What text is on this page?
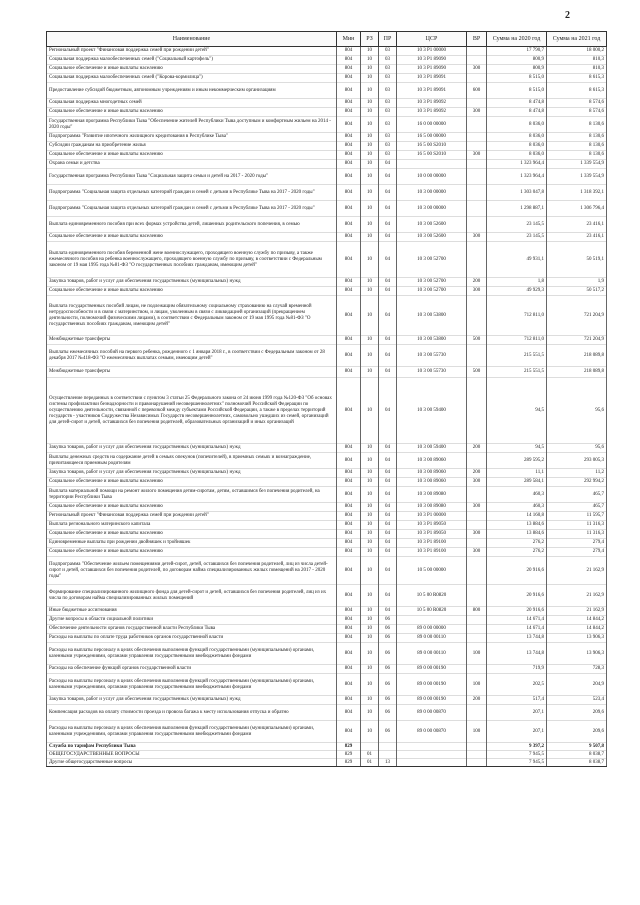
2
Наименование	Мин	РЗ	ПР	ЦСР	ВР	Сумма на 2020 год	Сумма на 2021 год
Региональный проект "Финансовая поддержка семей при рождении детей"	804	10	03	10 3 P1 00000		17 790,7	18 000,2
Социальная поддержка малообеспеченных семей ("Социальный картофель")	804	10	03	10 3 P1 89090		800,9	810,3
Социальное обеспечение и иные выплаты населению	804	10	03	10 3 P1 89090	300	800,9	810,3
Социальная поддержка малообеспеченных семей ("Корова-кормилица")	804	10	03	10 3 P1 89091		8 515,0	8 615,3
Предоставление субсидий бюджетным, автономным учреждениям и иным некоммерческим организациям	804	10	03	10 3 P1 89091	600	8 515,0	8 615,3
Социальная поддержка многодетных семей	804	10	03	10 3 P1 89092		8 474,8	8 574,6
Социальное обеспечение и иные выплаты населению	804	10	03	10 3 P1 89092	300	8 474,8	8 574,6
Государственная программа Республики Тыва "Обеспечение жителей Республики Тыва доступным и комфортным жильем на 2014 - 2020 годы"	804	10	03	16 0 00 00000		8 036,0	8 130,6
Подпрограмма "Развитие ипотечного жилищного кредитования в Республике Тыва"	804	10	03	16 5 00 00000		8 036,0	8 130,6
Субсидии гражданам на приобретение жилья	804	10	03	16 5 00 S2010		8 036,0	8 130,6
Социальное обеспечение и иные выплаты населению	804	10	03	16 5 00 S2010	300	8 036,0	8 130,6
Охрана семьи и детства	804	10	04			1 323 964,4	1 339 554,9
Государственная программа Республики Тыва "Социальная защита семьи и детей на 2017 - 2020 годы"	804	10	04	10 0 00 00000		1 323 964,4	1 339 554,9
Подпрограмма "Социальная защита отдельных категорий граждан и семей с детьми в Республике Тыва на 2017 - 2020 годы"	804	10	04	10 3 00 00000		1 303 047,8	1 318 392,1
Подпрограмма "Социальная защита отдельных категорий граждан и семей с детьми в Республике Тыва на 2017 - 2020 годы"	804	10	04	10 3 00 00000		1 298 887,1	1 306 796,4
Выплата единовременного пособия при всех формах устройства детей, лишенных родительского попечения, в семью	804	10	04	10 3 00 52600		23 145,5	23 416,1
Социальное обеспечение и иные выплаты населению	804	10	04	10 3 00 52600	300	23 145,5	23 416,1
Выплата единовременного пособия беременной жене военнослужащего, проходящего военную службу по призыву, а также ежемесячного пособия на ребенка военнослужащего, проходящего военную службу по призыву, в соответствии с Федеральным законом от 19 мая 1995 года №81-ФЗ "О государственных пособиях гражданам, имеющим детей"	804	10	04	10 3 00 52700		49 931,1	50 519,1
Закупка товаров, работ и услуг для обеспечения государственных (муниципальных) нужд	804	10	04	10 3 00 52700	200	1,8	1,9
Социальное обеспечение и иные выплаты населению	804	10	04	10 3 00 52700	300	49 929,3	50 517,2
Выплата государственных пособий лицам, не подлежащим обязательному социальному страхованию на случай временной нетрудоспособности и в связи с материнством, и лицам, уволенным в связи с ликвидацией организаций (прекращением деятельности, полномочий физическими лицами), в соответствии с Федеральным законом от 19 мая 1995 года №81-ФЗ "О государственных пособиях гражданам, имеющим детей"	804	10	04	10 3 00 53800		712 811,0	721 204,9
Межбюджетные трансферты	804	10	04	10 3 00 53800	500	712 811,0	721 204,9
Выплаты ежемесячных пособий на первого ребенка, рожденного с 1 января 2018 г., в соответствии с Федеральным законом от 28 декабря 2017 №418-ФЗ "О ежемесячных выплатах семьям, имеющим детей"	804	10	04	10 3 00 55730		215 551,5	218 089,8
Межбюджетные трансферты	804	10	04	10 3 00 55730	500	215 551,5	218 089,8
Осуществление переданных в соответствии с пунктом 3 статьи 25 Федерального закона от 24 июня 1999 года №120-ФЗ "Об основах системы профилактики безнадзорности и правонарушений несовершеннолетних" полномочий Российской Федерации по осуществлению деятельности, связанной с перевозкой между субъектами Российской Федерации, а также в пределах территорий государств - участников Содружества Независимых Государств несовершеннолетних, самовольно ушедших из семей, организаций для детей-сирот и детей, оставшихся без попечения родителей, образовательных организаций и иных организаций	804	10	04	10 3 00 59400		94,5	95,6
Закупка товаров, работ и услуг для обеспечения государственных (муниципальных) нужд	804	10	04	10 3 00 59400	200	94,5	95,6
Выплаты денежных средств на содержание детей в семьях опекунов (попечителей), в приемных семьях и вознаграждение, причитающееся приемным родителям	804	10	04	10 3 00 89060		289 595,2	293 005,3
Закупка товаров, работ и услуг для обеспечения государственных (муниципальных) нужд	804	10	04	10 3 00 89060	200	11,1	11,2
Социальное обеспечение и иные выплаты населению	804	10	04	10 3 00 89060	300	289 584,1	292 994,2
Выплата материальной помощи на ремонт жилого помещения детям-сиротам, детям, оставшимся без попечения родителей, на территории Республики Тыва	804	10	04	10 3 00 89080		460,3	465,7
Социальное обеспечение и иные выплаты населению	804	10	04	10 3 00 89080	300	460,3	465,7
Региональный проект "Финансовая поддержка семей при рождении детей"	804	10	04	10 3 P1 00000		14 160,8	11 595,7
Выплата регионального материнского капитала	804	10	04	10 3 P1 89050		13 884,6	11 316,3
Социальное обеспечение и иные выплаты населению	804	10	04	10 3 P1 89050	300	13 884,6	11 316,3
Единовременные выплаты при рождении двойняшек и тройняшек	804	10	04	10 3 P1 89100		276,2	279,4
Социальное обеспечение и иные выплаты населению	804	10	04	10 3 P1 89100	300	276,2	279,4
Подпрограмма "Обеспечение жильем помещениями детей-сирот, детей, оставшихся без попечения родителей, лиц из числа детей-сирот и детей, оставшихся без попечения родителей, по договорам найма специализированных жилых помещений на 2017 - 2020 годы"	804	10	04	10 5 00 00000		20 916,6	21 162,9
Формирование специализированного жилищного фонда для детей-сирот и детей, оставшихся без попечения родителей, лиц из их числа по договорам найма специализированных жилых помещений	804	10	04	10 5 00 R0820		20 916,6	21 162,9
Иные бюджетные ассигнования	804	10	04	10 5 00 R0820	800	20 916,6	21 162,9
Другие вопросы в области социальной политики	804	10	06			14 671,4	14 844,2
Обеспечение деятельности органов государственной власти Республики Тыва	804	10	06	89 0 00 00000		14 671,4	14 844,2
Расходы на выплаты по оплате труда работников органов государственной власти	804	10	06	89 0 00 00110		13 744,8	13 906,3
Расходы на выплаты персоналу в целях обеспечения выполнения функций государственными (муниципальными) органами, казенными учреждениями, органами управления государственными внебюджетными фондами	804	10	06	89 0 00 00110	100	13 744,8	13 906,3
Расходы на обеспечение функций органов государственной власти	804	10	06	89 0 00 00190		719,9	728,3
Расходы на выплаты персоналу в целях обеспечения выполнения функций государственными (муниципальными) органами, казенными учреждениями, органами управления государственными внебюджетными фондами	804	10	06	89 0 00 00190	100	202,5	204,9
Закупка товаров, работ и услуг для обеспечения государственных (муниципальных) нужд	804	10	06	89 0 00 00190	200	517,4	523,4
Компенсация расходов на оплату стоимости проезда и провоза багажа к месту использования отпуска и обратно	804	10	06	89 0 00 00870		207,1	209,6
Расходы на выплаты персоналу в целях обеспечения выполнения функций государственными (муниципальными) органами, казенными учреждениями, органами управления государственными внебюджетными фондами	804	10	06	89 0 00 00870	100	207,1	209,6
Служба по тарифам Республики Тыва	829					9 397,2	9 507,8
ОБЩЕГОСУДАРСТВЕННЫЕ ВОПРОСЫ	829	01				7 945,5	8 038,7
Другие общегосударственные вопросы	829	01	13			7 945,5	8 038,7
